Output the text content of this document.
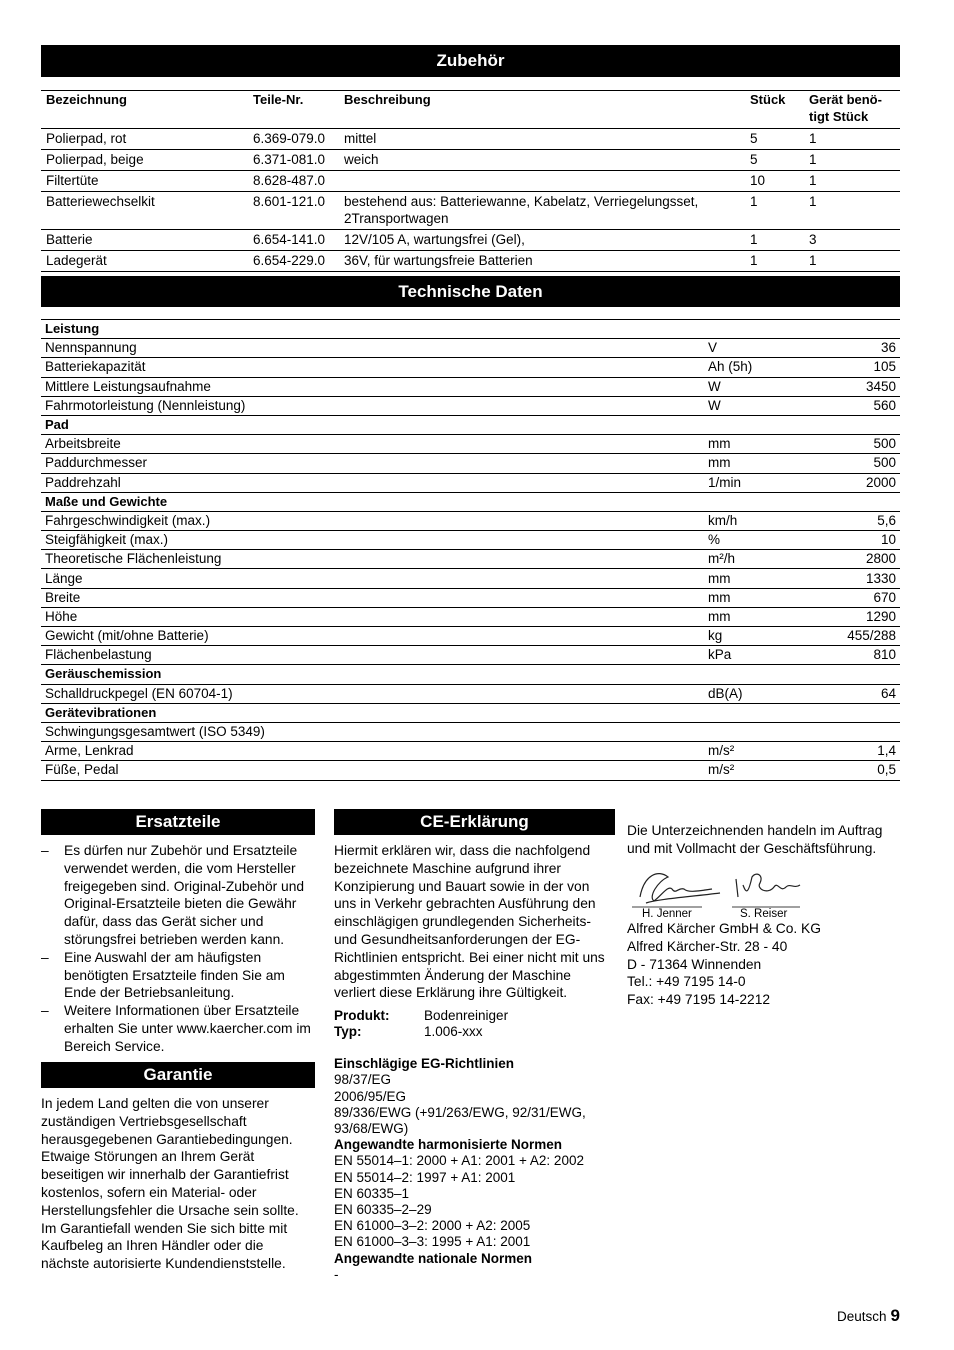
Zubehör
Bezeichnung	Teile-Nr.	Beschreibung	Stück	Gerät benö-
tigt Stück
Polierpad, rot	6.369-079.0	mittel	5	1
Polierpad, beige	6.371-081.0	weich	5	1
Filtertüte	8.628-487.0		10	1
Batteriewechselkit	8.601-121.0	bestehend aus: Batteriewanne, Kabelatz, Verriegelungsset, 2Transportwagen	1	1
Batterie	6.654-141.0	12V/105 A, wartungsfrei (Gel),	1	3
Ladegerät	6.654-229.0	36V, für wartungsfreie Batterien	1	1
Technische Daten
Leistung		
Nennspannung	V	36
Batteriekapazität	Ah (5h)	105
Mittlere Leistungsaufnahme	W	3450
Fahrmotorleistung (Nennleistung)	W	560
Pad		
Arbeitsbreite	mm	500
Paddurchmesser	mm	500
Paddrehzahl	1/min	2000
Maße und Gewichte		
Fahrgeschwindigkeit (max.)	km/h	5,6
Steigfähigkeit (max.)	%	10
Theoretische Flächenleistung	m²/h	2800
Länge	mm	1330
Breite	mm	670
Höhe	mm	1290
Gewicht (mit/ohne Batterie)	kg	455/288
Flächenbelastung	kPa	810
Geräuschemission		
Schalldruckpegel (EN 60704-1)	dB(A)	64
Gerätevibrationen		
Schwingungsgesamtwert (ISO 5349)		
Arme, Lenkrad	m/s²	1,4
Füße, Pedal	m/s²	0,5
Ersatzteile
– Es dürfen nur Zubehör und Ersatzteile verwendet werden, die vom Hersteller freigegeben sind. Original-Zubehör und Original-Ersatzteile bieten die Gewähr dafür, dass das Gerät sicher und störungsfrei betrieben werden kann.
– Eine Auswahl der am häufigsten benötigten Ersatzteile finden Sie am Ende der Betriebsanleitung.
– Weitere Informationen über Ersatzteile erhalten Sie unter www.kaercher.com im Bereich Service.
Garantie
In jedem Land gelten die von unserer zuständigen Vertriebsgesellschaft herausgegebenen Garantiebedingungen. Etwaige Störungen an Ihrem Gerät beseitigen wir innerhalb der Garantiefrist kostenlos, sofern ein Material- oder Herstellungsfehler die Ursache sein sollte. Im Garantiefall wenden Sie sich bitte mit Kaufbeleg an Ihren Händler oder die nächste autorisierte Kundendienststelle.
CE-Erklärung
Hiermit erklären wir, dass die nachfolgend bezeichnete Maschine aufgrund ihrer Konzipierung und Bauart sowie in der von uns in Verkehr gebrachten Ausführung den einschlägigen grundlegenden Sicherheits- und Gesundheitsanforderungen der EG-Richtlinien entspricht. Bei einer nicht mit uns abgestimmten Änderung der Maschine verliert diese Erklärung ihre Gültigkeit.
Produkt:	Bodenreiniger
Typ:	1.006-xxx
Einschlägige EG-Richtlinien
98/37/EG
2006/95/EG
89/336/EWG (+91/263/EWG, 92/31/EWG, 93/68/EWG)
Angewandte harmonisierte Normen
EN 55014–1: 2000 + A1: 2001 + A2: 2002
EN 55014–2: 1997 + A1: 2001
EN 60335–1
EN 60335–2–29
EN 61000–3–2: 2000 + A2: 2005
EN 61000–3–3: 1995 + A1: 2001
Angewandte nationale Normen
-
Die Unterzeichnenden handeln im Auftrag und mit Vollmacht der Geschäftsführung.
H. Jenner	S. Reiser
Alfred Kärcher GmbH & Co. KG
Alfred Kärcher-Str. 28 - 40
D - 71364 Winnenden
Tel.: +49 7195 14-0
Fax: +49 7195 14-2212
Deutsch 9
